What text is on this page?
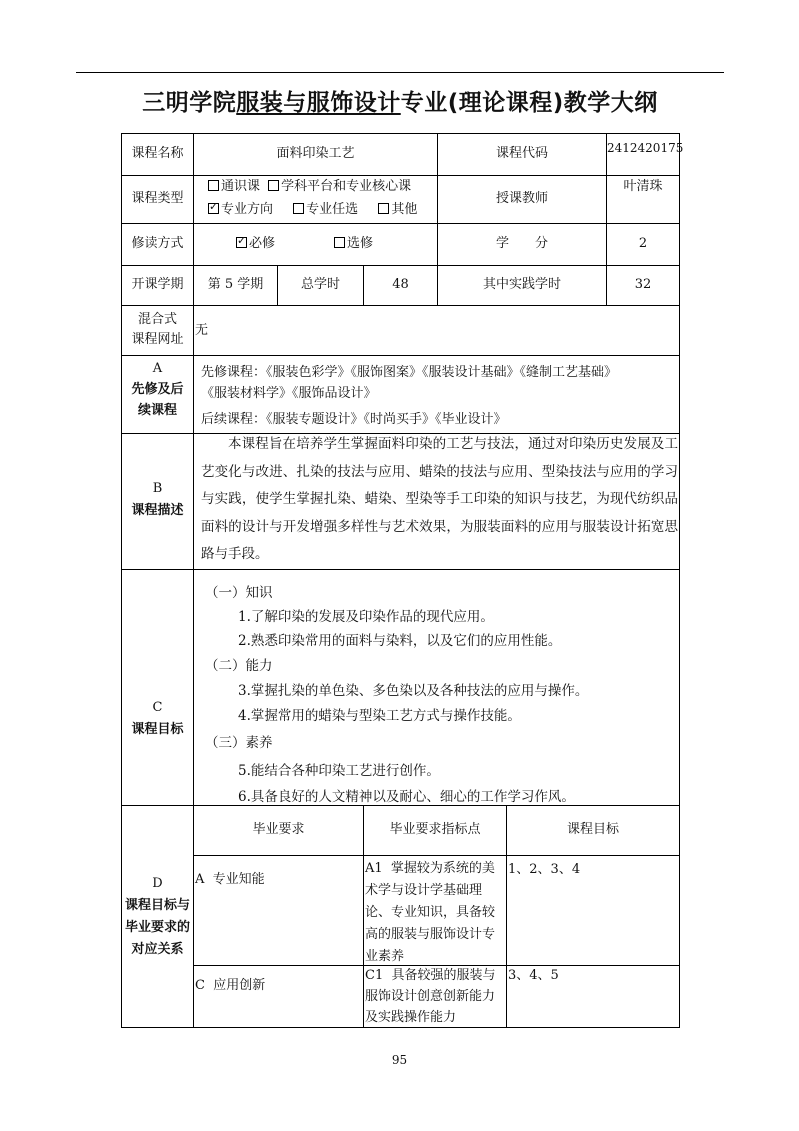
三明学院服装与服饰设计专业(理论课程)教学大纲
课程名称	面料印染工艺	课程代码	2412420175
课程类型
通识课 学科平台和专业核心课
✓专业方向	专业任选	其他
授课教师
叶清珠
修读方式
✓	必修	选修	学　　分	2
开课学期	第 5 学期	总学时	48	其中实践学时	32
混合式
课程网址
无
A
先修及后
续课程
先修课程：《服装色彩学》《服饰图案》《服装设计基础》《缝制工艺基础》
《服装材料学》《服饰品设计》
后续课程：《服装专题设计》《时尚买手》《毕业设计》
B
课程描述
本课程旨在培养学生掌握面料印染的工艺与技法，通过对印染历史发展及工艺变化与改进、扎染的技法与应用、蜡染的技法与应用、型染技法与应用的学习与实践，使学生掌握扎染、蜡染、型染等手工印染的知识与技艺，为现代纺织品面料的设计与开发增强多样性与艺术效果，为服装面料的应用与服装设计拓宽思路与手段。
C
课程目标
（一）知识
1.了解印染的发展及印染作品的现代应用。
2.熟悉印染常用的面料与染料，以及它们的应用性能。
（二）能力
3.掌握扎染的单色染、多色染以及各种技法的应用与操作。
4.掌握常用的蜡染与型染工艺方式与操作技能。
（三）素养
5.能结合各种印染工艺进行创作。
6.具备良好的人文精神以及耐心、细心的工作学习作风。
D
课程目标与
毕业要求的
对应关系
毕业要求	毕业要求指标点	课程目标
A  专业知能
A1  掌握较为系统的美术学与设计学基础理论、专业知识，具备较高的服装与服饰设计专业素养
1、2、3、4
C  应用创新
C1  具备较强的服装与服饰设计创意创新能力及实践操作能力
3、4、5
95
